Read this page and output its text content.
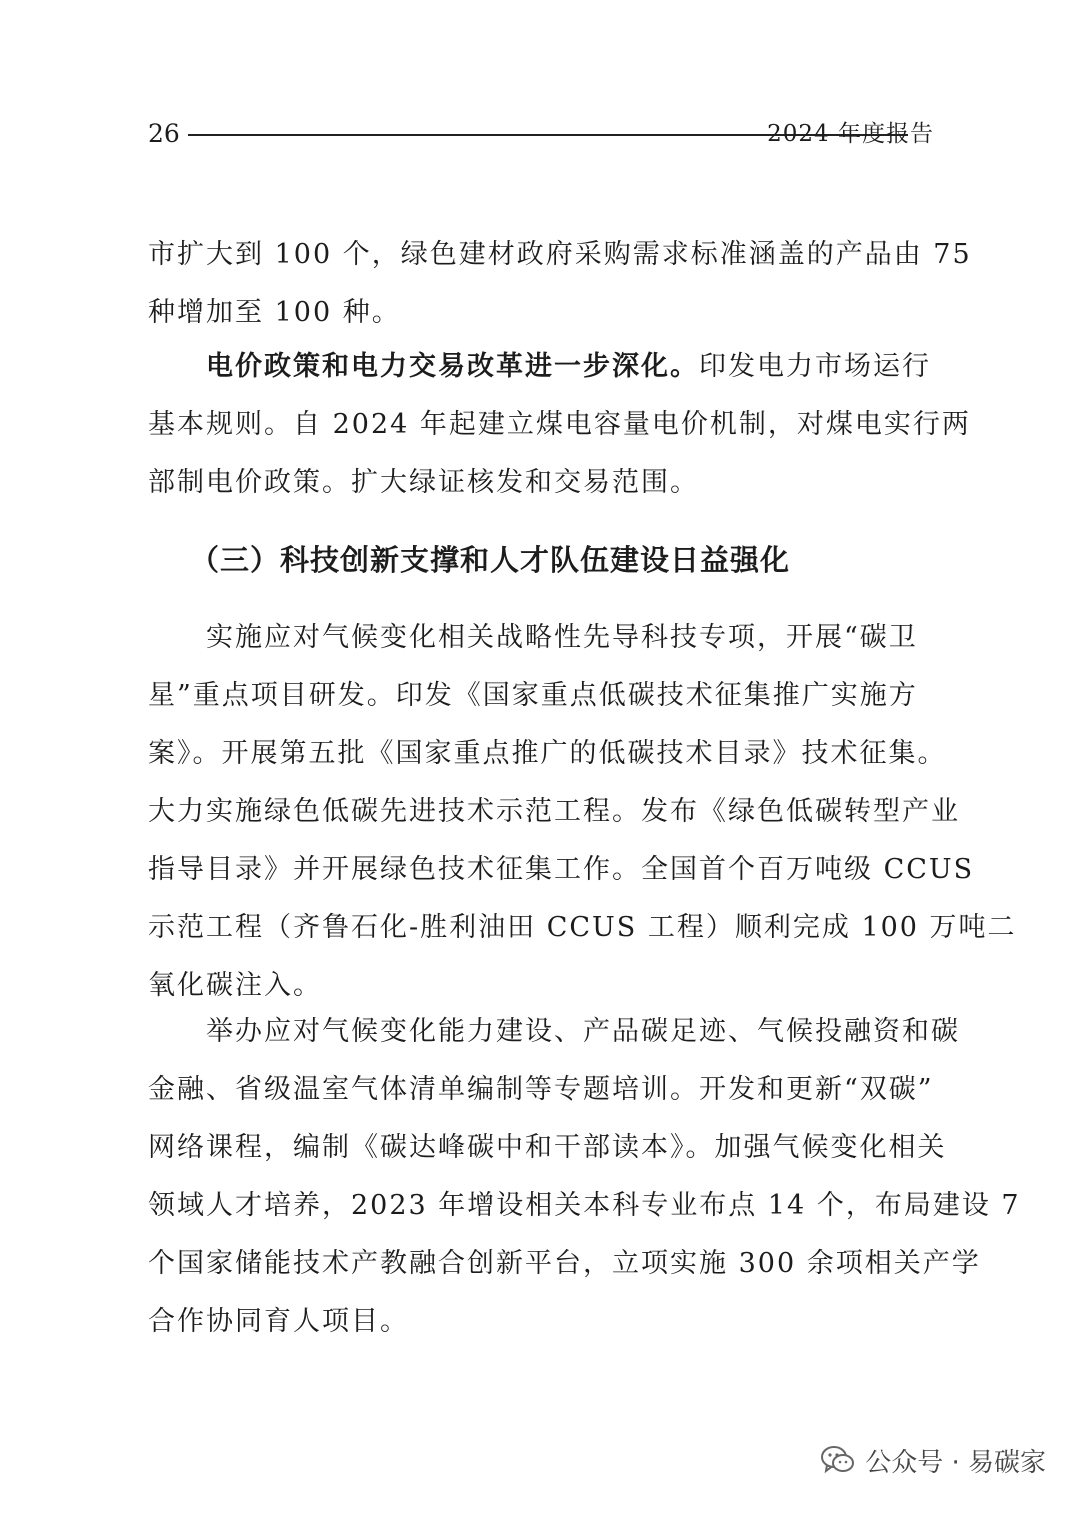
26	2024 年度报告
市扩大到 100 个，绿色建材政府采购需求标准涵盖的产品由 75
种增加至 100 种。
电价政策和电力交易改革进一步深化。印发电力市场运行
基本规则。自 2024 年起建立煤电容量电价机制，对煤电实行两
部制电价政策。扩大绿证核发和交易范围。
（三）科技创新支撑和人才队伍建设日益强化
实施应对气候变化相关战略性先导科技专项，开展“碳卫
星”重点项目研发。印发《国家重点低碳技术征集推广实施方
案》。开展第五批《国家重点推广的低碳技术目录》技术征集。
大力实施绿色低碳先进技术示范工程。发布《绿色低碳转型产业
指导目录》并开展绿色技术征集工作。全国首个百万吨级 CCUS
示范工程（齐鲁石化-胜利油田 CCUS 工程）顺利完成 100 万吨二
氧化碳注入。
举办应对气候变化能力建设、产品碳足迹、气候投融资和碳
金融、省级温室气体清单编制等专题培训。开发和更新“双碳”
网络课程，编制《碳达峰碳中和干部读本》。加强气候变化相关
领域人才培养，2023 年增设相关本科专业布点 14 个，布局建设 7
个国家储能技术产教融合创新平台，立项实施 300 余项相关产学
合作协同育人项目。
公众号 · 易碳家
